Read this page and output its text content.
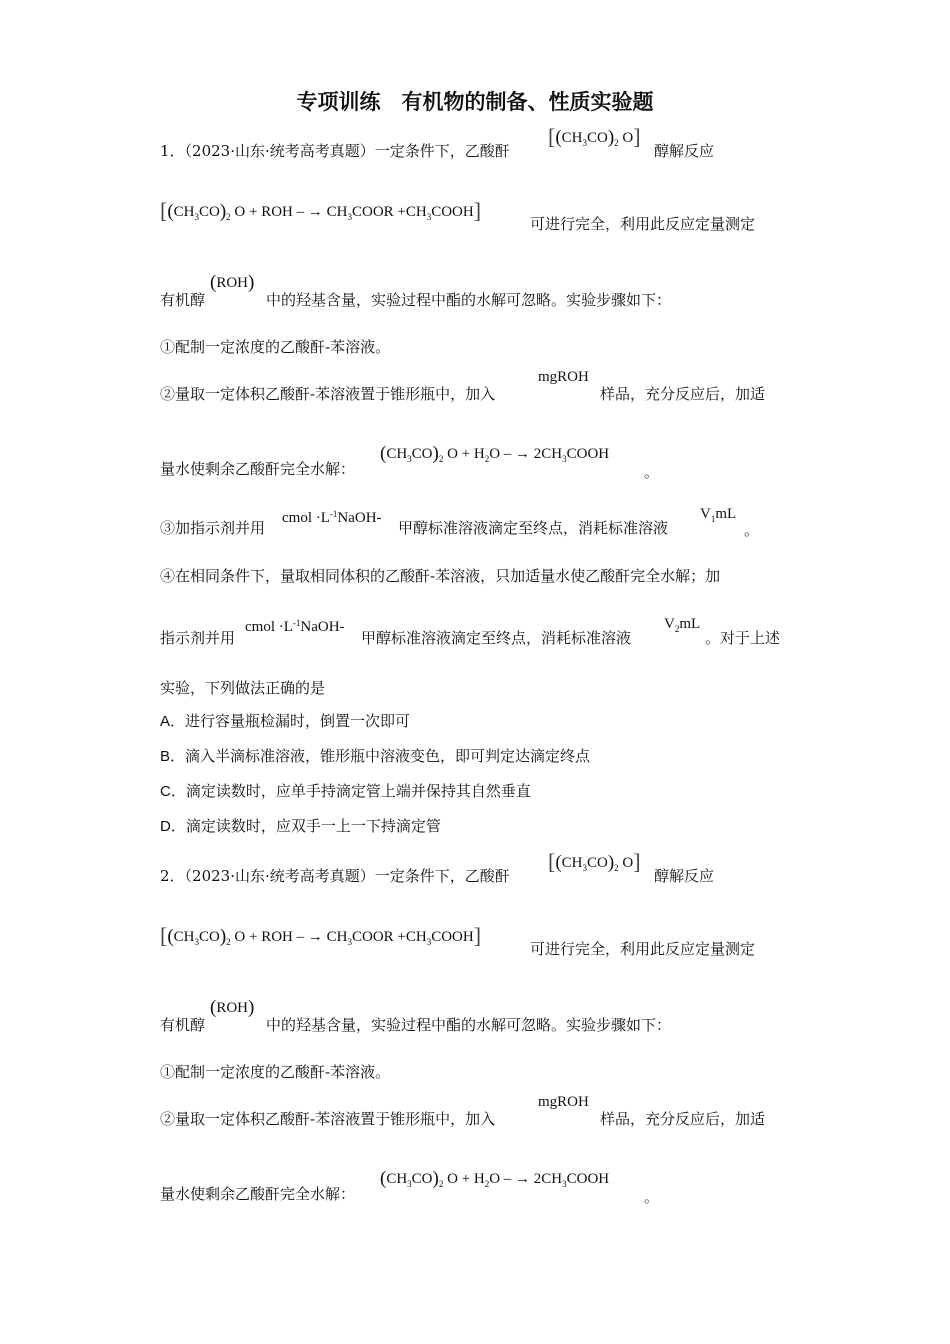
专项训练　有机物的制备、性质实验题
1．（2023·山东·统考高考真题）一定条件下，乙酸酐
[$(CH_3CO)_2$ O]
醇解反应
[$(CH_3CO)_2$ O + ROH – → $CH_3COOR$ $+CH_3COOH$]
可进行完全，利用此反应定量测定
有机醇
(ROH)
中的羟基含量，实验过程中酯的水解可忽略。实验步骤如下：
①配制一定浓度的乙酸酐-苯溶液。
②量取一定体积乙酸酐-苯溶液置于锥形瓶中，加入
mgROH
样品，充分反应后，加适
量水使剩余乙酸酐完全水解：
$(CH_3CO)_2$ $O + H_2O$ – → $2CH_3COOH$
。
③加指示剂并用
cmol $\cdot L^{-1}NaOH-$
甲醇标准溶液滴定至终点，消耗标准溶液
$V_1mL$
。
④在相同条件下，量取相同体积的乙酸酐-苯溶液，只加适量水使乙酸酐完全水解；加
指示剂并用
cmol $\cdot L^{-1}NaOH-$
甲醇标准溶液滴定至终点，消耗标准溶液
$V_2mL$
。对于上述
实验，下列做法正确的是
A．进行容量瓶检漏时，倒置一次即可
B．滴入半滴标准溶液，锥形瓶中溶液变色，即可判定达滴定终点
C．滴定读数时，应单手持滴定管上端并保持其自然垂直
D．滴定读数时，应双手一上一下持滴定管
2．（2023·山东·统考高考真题）一定条件下，乙酸酐
[$(CH_3CO)_2$ O]
醇解反应
[$(CH_3CO)_2$ O + ROH – → $CH_3COOR$ $+CH_3COOH$]
可进行完全，利用此反应定量测定
有机醇
(ROH)
中的羟基含量，实验过程中酯的水解可忽略。实验步骤如下：
①配制一定浓度的乙酸酐-苯溶液。
②量取一定体积乙酸酐-苯溶液置于锥形瓶中，加入
mgROH
样品，充分反应后，加适
量水使剩余乙酸酐完全水解：
$(CH_3CO)_2$ $O + H_2O$ – → $2CH_3COOH$
。
